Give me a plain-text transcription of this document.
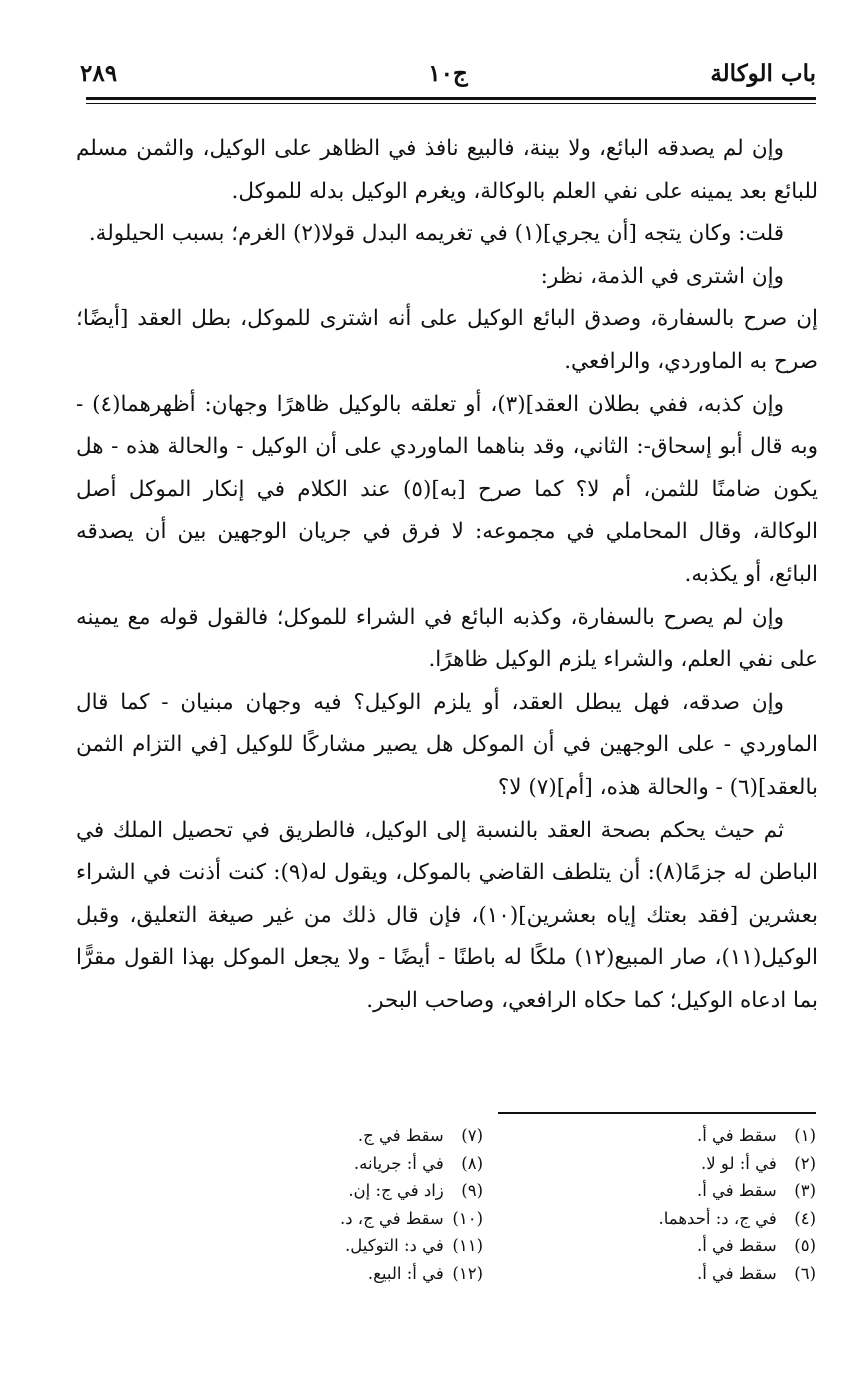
باب الوكالة
ج١٠
٢٨٩

وإن لم يصدقه البائع، ولا بينة، فالبيع نافذ في الظاهر على الوكيل، والثمن مسلم للبائع بعد يمينه على نفي العلم بالوكالة، ويغرم الوكيل بدله للموكل.

قلت: وكان يتجه [أن يجري](١) في تغريمه البدل قولا(٢) الغرم؛ بسبب الحيلولة.

وإن اشترى في الذمة، نظر:

إن صرح بالسفارة، وصدق البائع الوكيل على أنه اشترى للموكل، بطل العقد [أيضًا؛ صرح به الماوردي، والرافعي.

وإن كذبه، ففي بطلان العقد](٣)، أو تعلقه بالوكيل ظاهرًا وجهان: أظهرهما(٤) - وبه قال أبو إسحاق-: الثاني، وقد بناهما الماوردي على أن الوكيل - والحالة هذه - هل يكون ضامنًا للثمن، أم لا؟ كما صرح [به](٥) عند الكلام في إنكار الموكل أصل الوكالة، وقال المحاملي في مجموعه: لا فرق في جريان الوجهين بين أن يصدقه البائع، أو يكذبه.

وإن لم يصرح بالسفارة، وكذبه البائع في الشراء للموكل؛ فالقول قوله مع يمينه على نفي العلم، والشراء يلزم الوكيل ظاهرًا.

وإن صدقه، فهل يبطل العقد، أو يلزم الوكيل؟ فيه وجهان مبنيان - كما قال الماوردي - على الوجهين في أن الموكل هل يصير مشاركًا للوكيل [في التزام الثمن بالعقد](٦) - والحالة هذه، [أم](٧) لا؟

ثم حيث يحكم بصحة العقد بالنسبة إلى الوكيل، فالطريق في تحصيل الملك في الباطن له جزمًا(٨): أن يتلطف القاضي بالموكل، ويقول له(٩): كنت أذنت في الشراء بعشرين [فقد بعتك إياه بعشرين](١٠)، فإن قال ذلك من غير صيغة التعليق، وقبل الوكيل(١١)، صار المبيع(١٢) ملكًا له باطنًا - أيضًا - ولا يجعل الموكل بهذا القول مقرًّا بما ادعاه الوكيل؛ كما حكاه الرافعي، وصاحب البحر.

(١) سقط في أ.
(٢) في أ: لو لا.
(٣) سقط في أ.
(٤) في ج، د: أحدهما.
(٥) سقط في أ.
(٦) سقط في أ.
(٧) سقط في ج.
(٨) في أ: جريانه.
(٩) زاد في ج: إن.
(١٠) سقط في ج، د.
(١١) في د: التوكيل.
(١٢) في أ: البيع.
